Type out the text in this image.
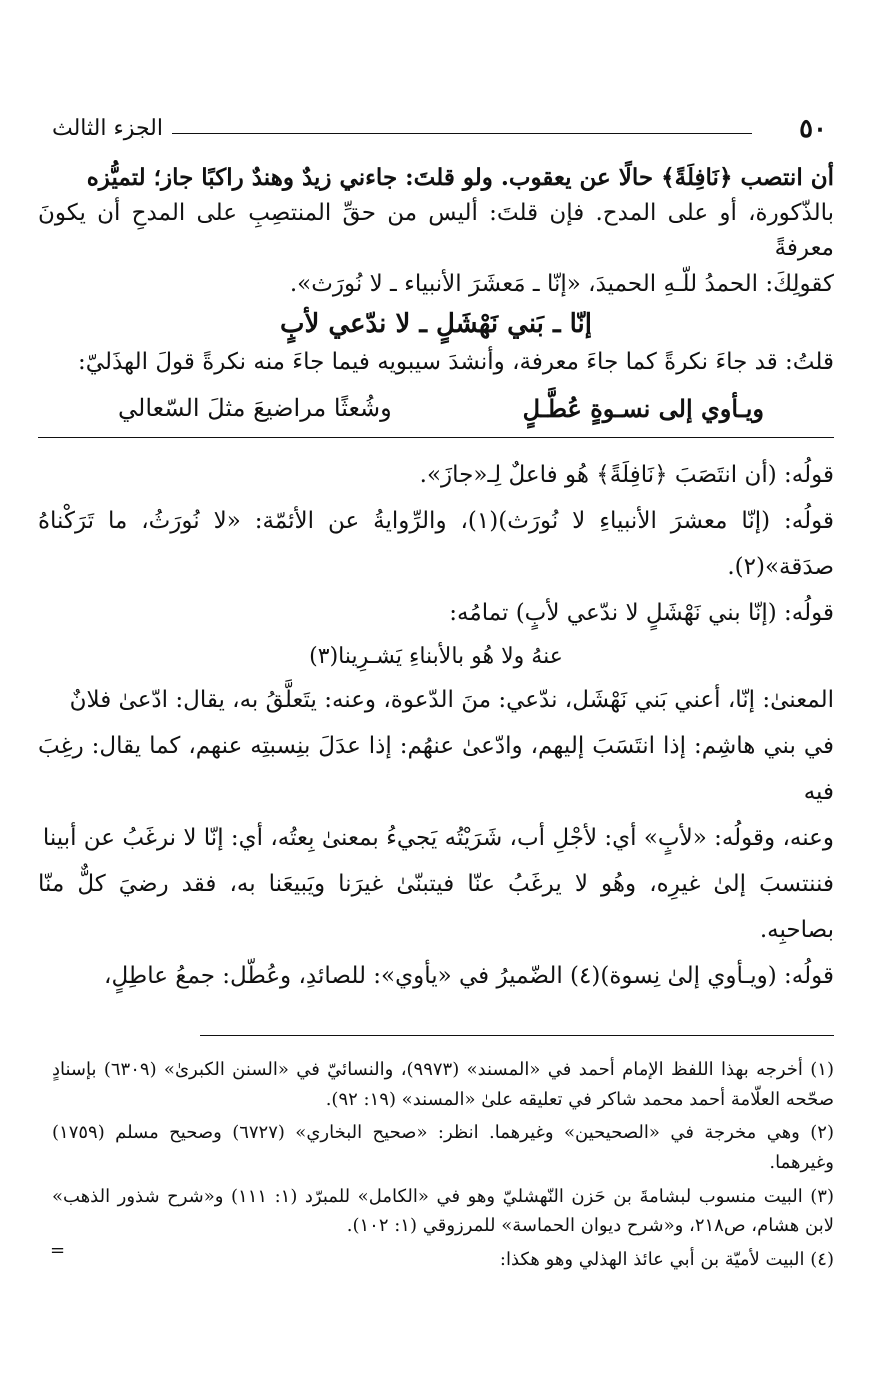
٥٠
الجزء الثالث

أن انتصب ﴿نَافِلَةً﴾ حالًا عن يعقوب. ولو قلتَ: جاءني زيدٌ وهندٌ راكبًا جاز؛ لتميُّزه

بالذّكورة، أو على المدح. فإن قلتَ: أليس من حقِّ المنتصِبِ على المدحِ أن يكونَ معرفةً

كقولِكَ: الحمدُ للّـهِ الحميدَ، «إنّا ـ مَعشَرَ الأنبياء ـ لا نُورَث».

إنّا ـ بَني نَهْشَلٍ ـ لا ندّعي لأبٍ

قلتُ: قد جاءَ نكرةً كما جاءَ معرفة، وأنشدَ سيبويه فيما جاءَ منه نكرةً قولَ الهذَليّ:

ويـأوي إلى نسـوةٍ عُطَّـلٍ
وشُعثًا مراضيعَ مثلَ السّعالي

قولُه: (أن انتَصَبَ ﴿نَافِلَةً﴾ هُو فاعلٌ لِـ«جازَ».

قولُه: (إنّا معشرَ الأنبياءِ لا نُورَث)(١)، والرِّوايةُ عن الأئمّة: «لا نُورَثُ، ما تَرَكْناهُ صدَقة»(٢).

قولُه: (إنّا بني نَهْشَلٍ لا ندّعي لأبٍ) تمامُه:

عنهُ ولا هُو بالأبناءِ يَشـرِينا(٣)

المعنىٰ: إنّا، أعني بَني نَهْشَل، ندّعي: منَ الدّعوة، وعنه: يتَعلَّقُ به، يقال: ادّعىٰ فلانٌ

في بني هاشِم: إذا انتَسَبَ إليهم، وادّعىٰ عنهُم: إذا عدَلَ بنِسبتِه عنهم، كما يقال: رغِبَ فيه

وعنه، وقولُه: «لأبٍ» أي: لأجْلِ أب، شَرَيْتُه يَجيءُ بمعنىٰ بِعتُه، أي: إنّا لا نرغَبُ عن أبينا

فننتسبَ إلىٰ غيرِه، وهُو لا يرغَبُ عنّا فيتبنّىٰ غيرَنا ويَبيعَنا به، فقد رضيَ كلٌّ منّا بصاحبِه.

قولُه: (ويـأوي إلىٰ نِسوة)(٤) الضّميرُ في «يأوي»: للصائدِ، وعُطّل: جمعُ عاطِلٍ،

(١) أخرجه بهذا اللفظ الإمام أحمد في «المسند» (٩٩٧٣)، والنسائيّ في «السنن الكبرىٰ» (٦٣٠٩) بإسنادٍ صحّحه العلّامة أحمد محمد شاكر في تعليقه علىٰ «المسند» (١٩: ٩٢).

(٢) وهي مخرجة في «الصحيحين» وغيرهما. انظر: «صحيح البخاري» (٦٧٢٧) وصحيح مسلم (١٧٥٩) وغيرهما.

(٣) البيت منسوب لبشامةَ بن حَزن النّهشليّ وهو في «الكامل» للمبرّد (١: ١١١) و«شرح شذور الذهب» لابن هشام، ص٢١٨، و«شرح ديوان الحماسة» للمرزوقي (١: ١٠٢).

(٤) البيت لأميّة بن أبي عائذ الهذلي وهو هكذا:

=
